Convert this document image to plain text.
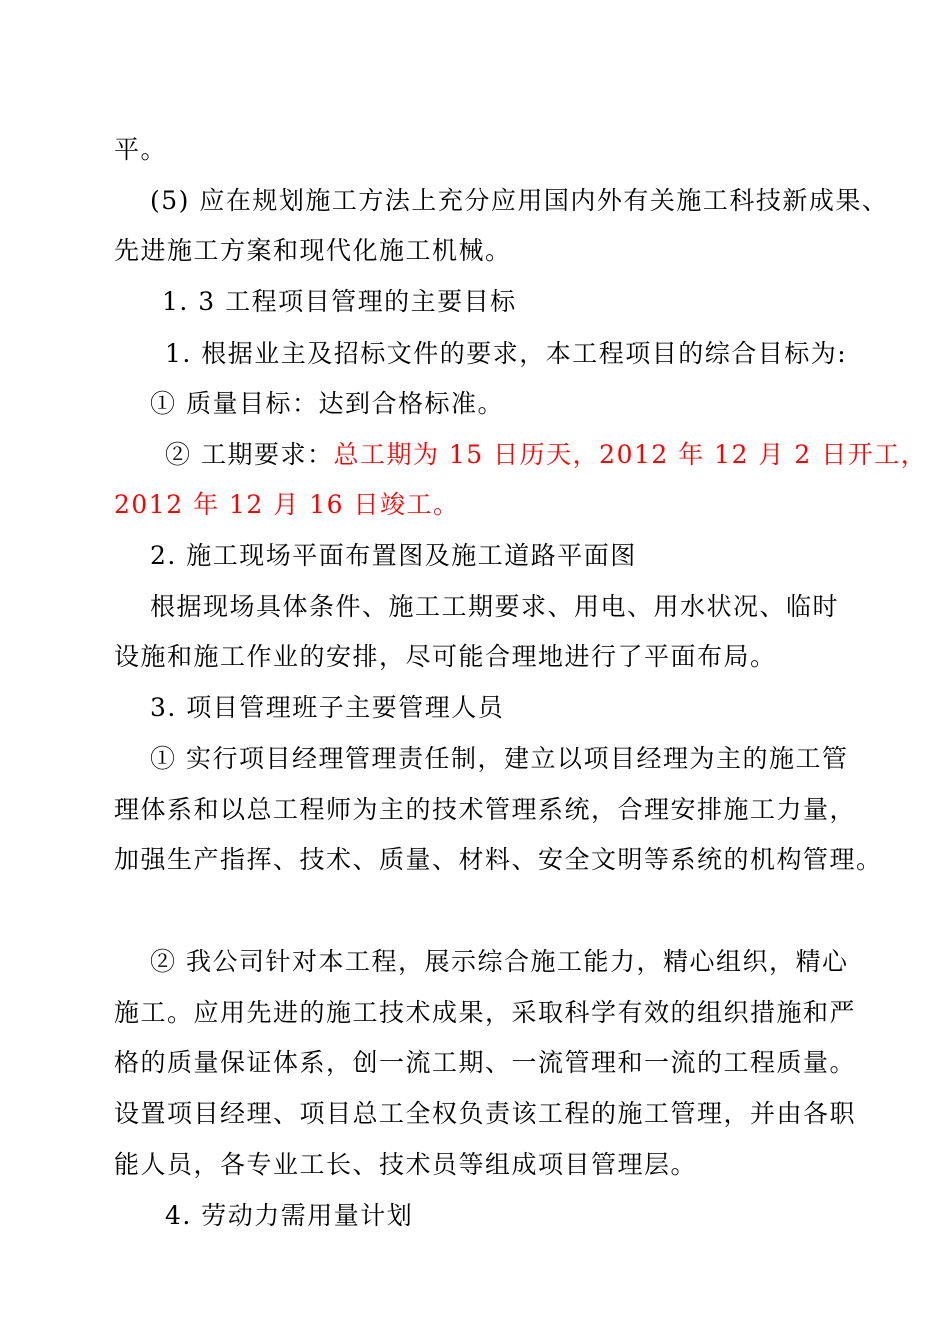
平。
(5) 应在规划施工方法上充分应用国内外有关施工科技新成果、
先进施工方案和现代化施工机械。
1. 3 工程项目管理的主要目标
1. 根据业主及招标文件的要求，本工程项目的综合目标为:
① 质量目标：达到合格标准。
② 工期要求：总工期为 15 日历天，2012 年 12 月 2 日开工，
2012 年 12 月 16 日竣工。
2. 施工现场平面布置图及施工道路平面图
根据现场具体条件、施工工期要求、用电、用水状况、临时
设施和施工作业的安排，尽可能合理地进行了平面布局。
3. 项目管理班子主要管理人员
① 实行项目经理管理责任制，建立以项目经理为主的施工管
理体系和以总工程师为主的技术管理系统，合理安排施工力量，
加强生产指挥、技术、质量、材料、安全文明等系统的机构管理。
② 我公司针对本工程，展示综合施工能力，精心组织，精心
施工。应用先进的施工技术成果，采取科学有效的组织措施和严
格的质量保证体系，创一流工期、一流管理和一流的工程质量。
设置项目经理、项目总工全权负责该工程的施工管理，并由各职
能人员，各专业工长、技术员等组成项目管理层。
4. 劳动力需用量计划
